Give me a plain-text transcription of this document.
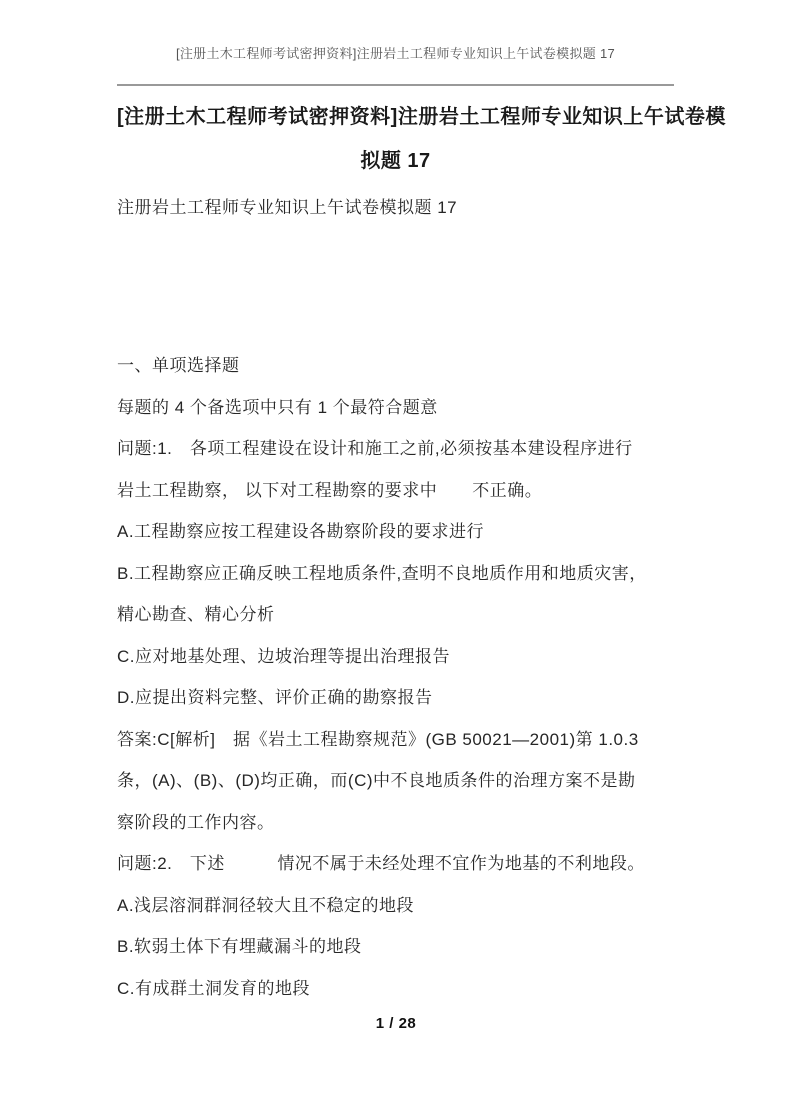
[注册土木工程师考试密押资料]注册岩土工程师专业知识上午试卷模拟题 17
[注册土木工程师考试密押资料]注册岩土工程师专业知识上午试卷模
拟题 17
注册岩土工程师专业知识上午试卷模拟题 17
一、单项选择题
每题的 4 个备选项中只有 1 个最符合题意
问题:1.　各项工程建设在设计和施工之前,必须按基本建设程序进行
岩土工程勘察， 以下对工程勘察的要求中　　不正确。
A.工程勘察应按工程建设各勘察阶段的要求进行
B.工程勘察应正确反映工程地质条件,查明不良地质作用和地质灾害，
精心勘查、精心分析
C.应对地基处理、边坡治理等提出治理报告
D.应提出资料完整、评价正确的勘察报告
答案:C[解析]　据《岩土工程勘察规范》(GB 50021—2001)第 1.0.3
条，(A)、(B)、(D)均正确，而(C)中不良地质条件的治理方案不是勘
察阶段的工作内容。
问题:2.　下述　　　情况不属于未经处理不宜作为地基的不利地段。
A.浅层溶洞群洞径较大且不稳定的地段
B.软弱土体下有埋藏漏斗的地段
C.有成群土洞发育的地段
1 / 28
